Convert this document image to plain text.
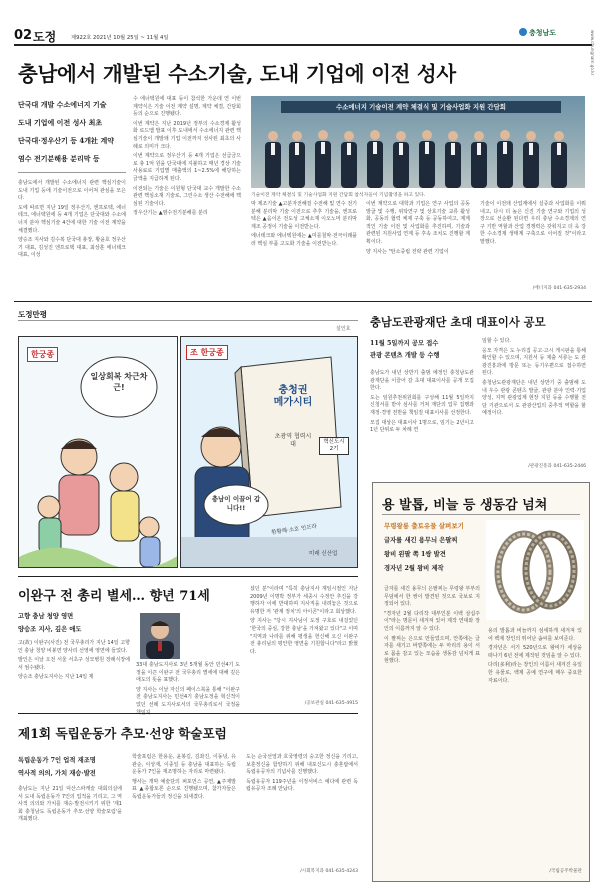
02 도정	제922호 2021년 10월 25일 ~ 11월 4일
충청남도	www.chungnam.go.kr
충남에서 개발된 수소기술, 도내 기업에 이전 성사
단국대 개발 수소에너지 기술
도내 기업에 이전 성사 최초
단국대·정우산기 등 4개社 계약
염수 전기분해용 분리막 등

충남도에서 개발된 수소에너지 관련 핵심기술이 도내 기업 등에 기술이전으로 이어져 관심을 모은다.

도에 따르면 지난 19일 정우산기, 엔프로텍, 에너테크, 에너텍원에 등 4개 기업은 단국대와 수소에너지 분야 핵심기술 4건에 대한 기술 이전 계약을 체결했다.

양승조 지사와 김수복 단국대 총장, 황윤호 정우산기 대표, 김성진 엔프로텍 대표, 최상훈 에너테크 대표, 이성

수 에너텍원에 대표 등이 참석한 가운데 연 이번 계약식은 기술 이전 계약 설명, 계약 체결, 간담회 등의 순으로 진행됐다.

이번 계약은 지난 2019년 정부의 수소경제 활성화 로드맵 발표 이후 도내에서 수소에너지 관련 핵심기술이 개발돼 기업 이전까지 성사된 최초의 사례로 의미가 크다.

이번 계약으로 정우산기 등 4개 기업은 선급금으로 총 1억 원을 단국대에 지불하고 매년 경상 기술 사용료로 기업별 매출액의 1~2.5%에 해당하는 금액을 지급하게 된다.

이전되는 기술은 이원형 단국대 교수 개발한 수소 관련 핵심소재 기술로, 그린수소 생산 수전해에 핵심된 기술이다.

정우산기는 ▲염수전기분해를 분리

수소에너지 기술이전 계약 체결식 및 기술사업화 지원 간담회
기술이전 계약 체결식 및 기술사업화 지원 간담회 참석자들이 기념촬영을 하고 있다.

막 제조기술 ▲고분자전해질 수전해 및 연수 전기분해 분리막 기술 이전으로 추후 기술을, 엔프로텍은 ▲음이온 전도성 고체소재 이오노머 분리막 제조 공정이 기술을 이전받는다.

에너테크와 에너텍원에는 ▲미를칠막·전극이래플러 핵심 부품 고도화 기술을 이전받는다.

이번 계약으로 대학과 기업은 연구 사업의 공동 발굴 및 수행, 위탁연구 및 상호기술 교류 활성화, 공동의 협력 체제 구축 등 공동하여고, 제계적인 기술 이전 및 사업화를 추진하며, 기술과 관련된 지원사업 연계 등 후속 조치도 진행할 계획이다.

양 지사는 "탄소중립 전략 관련 기업이

기술이 이전돼 산업계에서 실증과 사업화를 이뤄내고, 다시 더 높은 신진 기술 연구와 기업의 성장으로 선순환 된다면 우리 충남 수소경제의 연구 기반 역할과 산업 경쟁력은 갖춰지고 더 욱 강한 수소경제 생태계 구축으로 이어질 것"이라고 말했다.

/에너지과 041-635-2934
도정만평
설인호
한궁종
일상회복 차근차근!
조 한궁종
충청권 메가시티
초광역 협력시대	혁신도시 2기
충남이 이끌어 갑니다!!
환황해·소호 인프라
미래 신산업
충남도관광재단 초대 대표이사 공모
11월 5일까지 공모 접수
관광 콘텐츠 개발 등 수행

충남도가 내년 상반기 출범 예정인 충청남도관광재단을 이끌어 갈 초대 대표이사를 공개 모집한다.

도는 임원추천위원회를 구성해 11월 5일까지 신청서를 받아 심사를 거쳐 재단의 업무 집행과 재정·경영 전반을 책임질 대표이사를 선정한다.

모집 대상은 대표이사 1명으로, 임기는 2년이고 1년 단위로 두 차례 연

임할 수 있다.

응모 자격은 도 누리집 공고·고시 게시판을 통해 확인할 수 있으며, 지원서 등 제출 서류는 도 관광진흥과에 방문 또는 등기우편으로 접수하면 된다.

충청남도관광재단은 내년 상반기 중 출범해 도내 우수 관광 콘텐츠 발굴, 관광 분야 인력·기업 양성, 지역 관광업계 현장 지원 등을 수행할 전담 기관으로서 도 관광산업의 중추적 역할을 할 예정이다.

/관광진흥과 041-635-2446
용 발톱, 비늘 등 생동감 넘쳐
무령왕릉 출토유물 살펴보기
글자를 새긴 용무늬 은팔찌
왕비 왼팔 쪽 1쌍 발견
경자년 2월 왕비 제작

글자를 새긴 용무늬 은팔찌는 무령왕 부부의 무덤에서 한 쌍이 발견된 것으로 국보로 지정되어 있다.

"경자년 2월 다리작 대부인분 이백 삼십주이"라는 명문이 새겨져 있어 제작 연대와 장인의 이름까지 알 수 있다.

이 팔찌는 은으로 만들었으며, 안쪽에는 글자를 새기고 바깥쪽에는 두 마리의 용이 서로 몸을 감고 있는 모습을 생동감 넘치게 표현했다.

용의 발톱과 비늘까지 섬세하게 새겨져 있어 백제 장인의 뛰어난 솜씨를 보여준다.

경자년은 서기 520년으로 왕비가 세상을 떠나기 6년 전에 제작된 것임을 알 수 있다.

다리(多利)라는 장인의 이름이 새겨진 유일한 유물로, 백제 공예 연구에 매우 중요한 자료이다.

/국립공주박물관
이완구 전 총리 별세… 향년 71세
고향 충남 청양 영면
양승조 지사, 깊은 애도

고(故) 이완구(사진) 전 국무총리가 지난 14일 고향인 충남 청양 비봉면 양사리 선영에 영면에 들었다.

발인은 이날 오전 서울 서초구 성모병원 장례식장에서 엄수됐다.

양승조 충남도지사는 지난 14일 제

33대 충남도지사로 3년 5개월 동안 민선4기 도정을 이끈 이완구 전 국무총리 별세에 대해 깊은 애도의 뜻을 표했다.

양 지사는 이날 자신의 페이스북을 통해 "이완구 전 충남도지사는 민선4기 충남도정을 혁신적이었던 선례 도지사로서의 국무총리로서 국정을

셨던 분"이라며 "특히 충남지사 재임시절인 지난 2009년 이명박 정부가 세종시 수정안 추진을 강행하자 이에 반대하며 지사직을 내려놓은 것으로 유명한 저 '관계 정치'의 아이콘"이라고 회상했다.

양 지사는 "당시 지사님이 도정 구호로 내걸었던 '한국의 중심, 강한 충남'을 가져왔고 있다"고 이며 "지역과 나라를 위해 평생을 헌신해 오신 이완구 전 총리님의 평안한 영면을 기원합니다"라고 밝혔다.

/공보관실 041-635-4915
제1회 독립운동가 추모·선양 학술포럼
독립운동가 7인 업적 재조명
역사적 의의, 가치 재승·발전

충남도는 지난 21일 덕산스파캐슬 대회의실에서 도내 독립운동가 7인의 업적을 기리고, 그 역사적 의의와 가치를 재승·발전시키기 위한 '제1회 충청남도 독립운동가 추모·선양 학술포럼'을 개최했다.

학술포럼은 한용운, 윤봉길, 김좌진, 이동녕, 유관순, 이상재, 이종일 등 충남을 대표하는 독립운동가 7인을 재조명하는 자리로 마련됐다.

행사는 개막 예술단의 퍼포먼스 공연, ▲주제발표 ▲종합토론 순으로 진행됐으며, 참가자들은 독립운동가들의 정신을 되새겼다.

도는 순국선열과 호국영령의 숭고한 정신을 기리고, 보훈정신을 함양하기 위해 내포신도시 충혼탑에서 독립유공자의 기념사를 진행했다.

독립유공자 119주년을 이정서비스 예다에 관련 독립유공자 조례 만났다.

/시회복지과 041-635-4243
